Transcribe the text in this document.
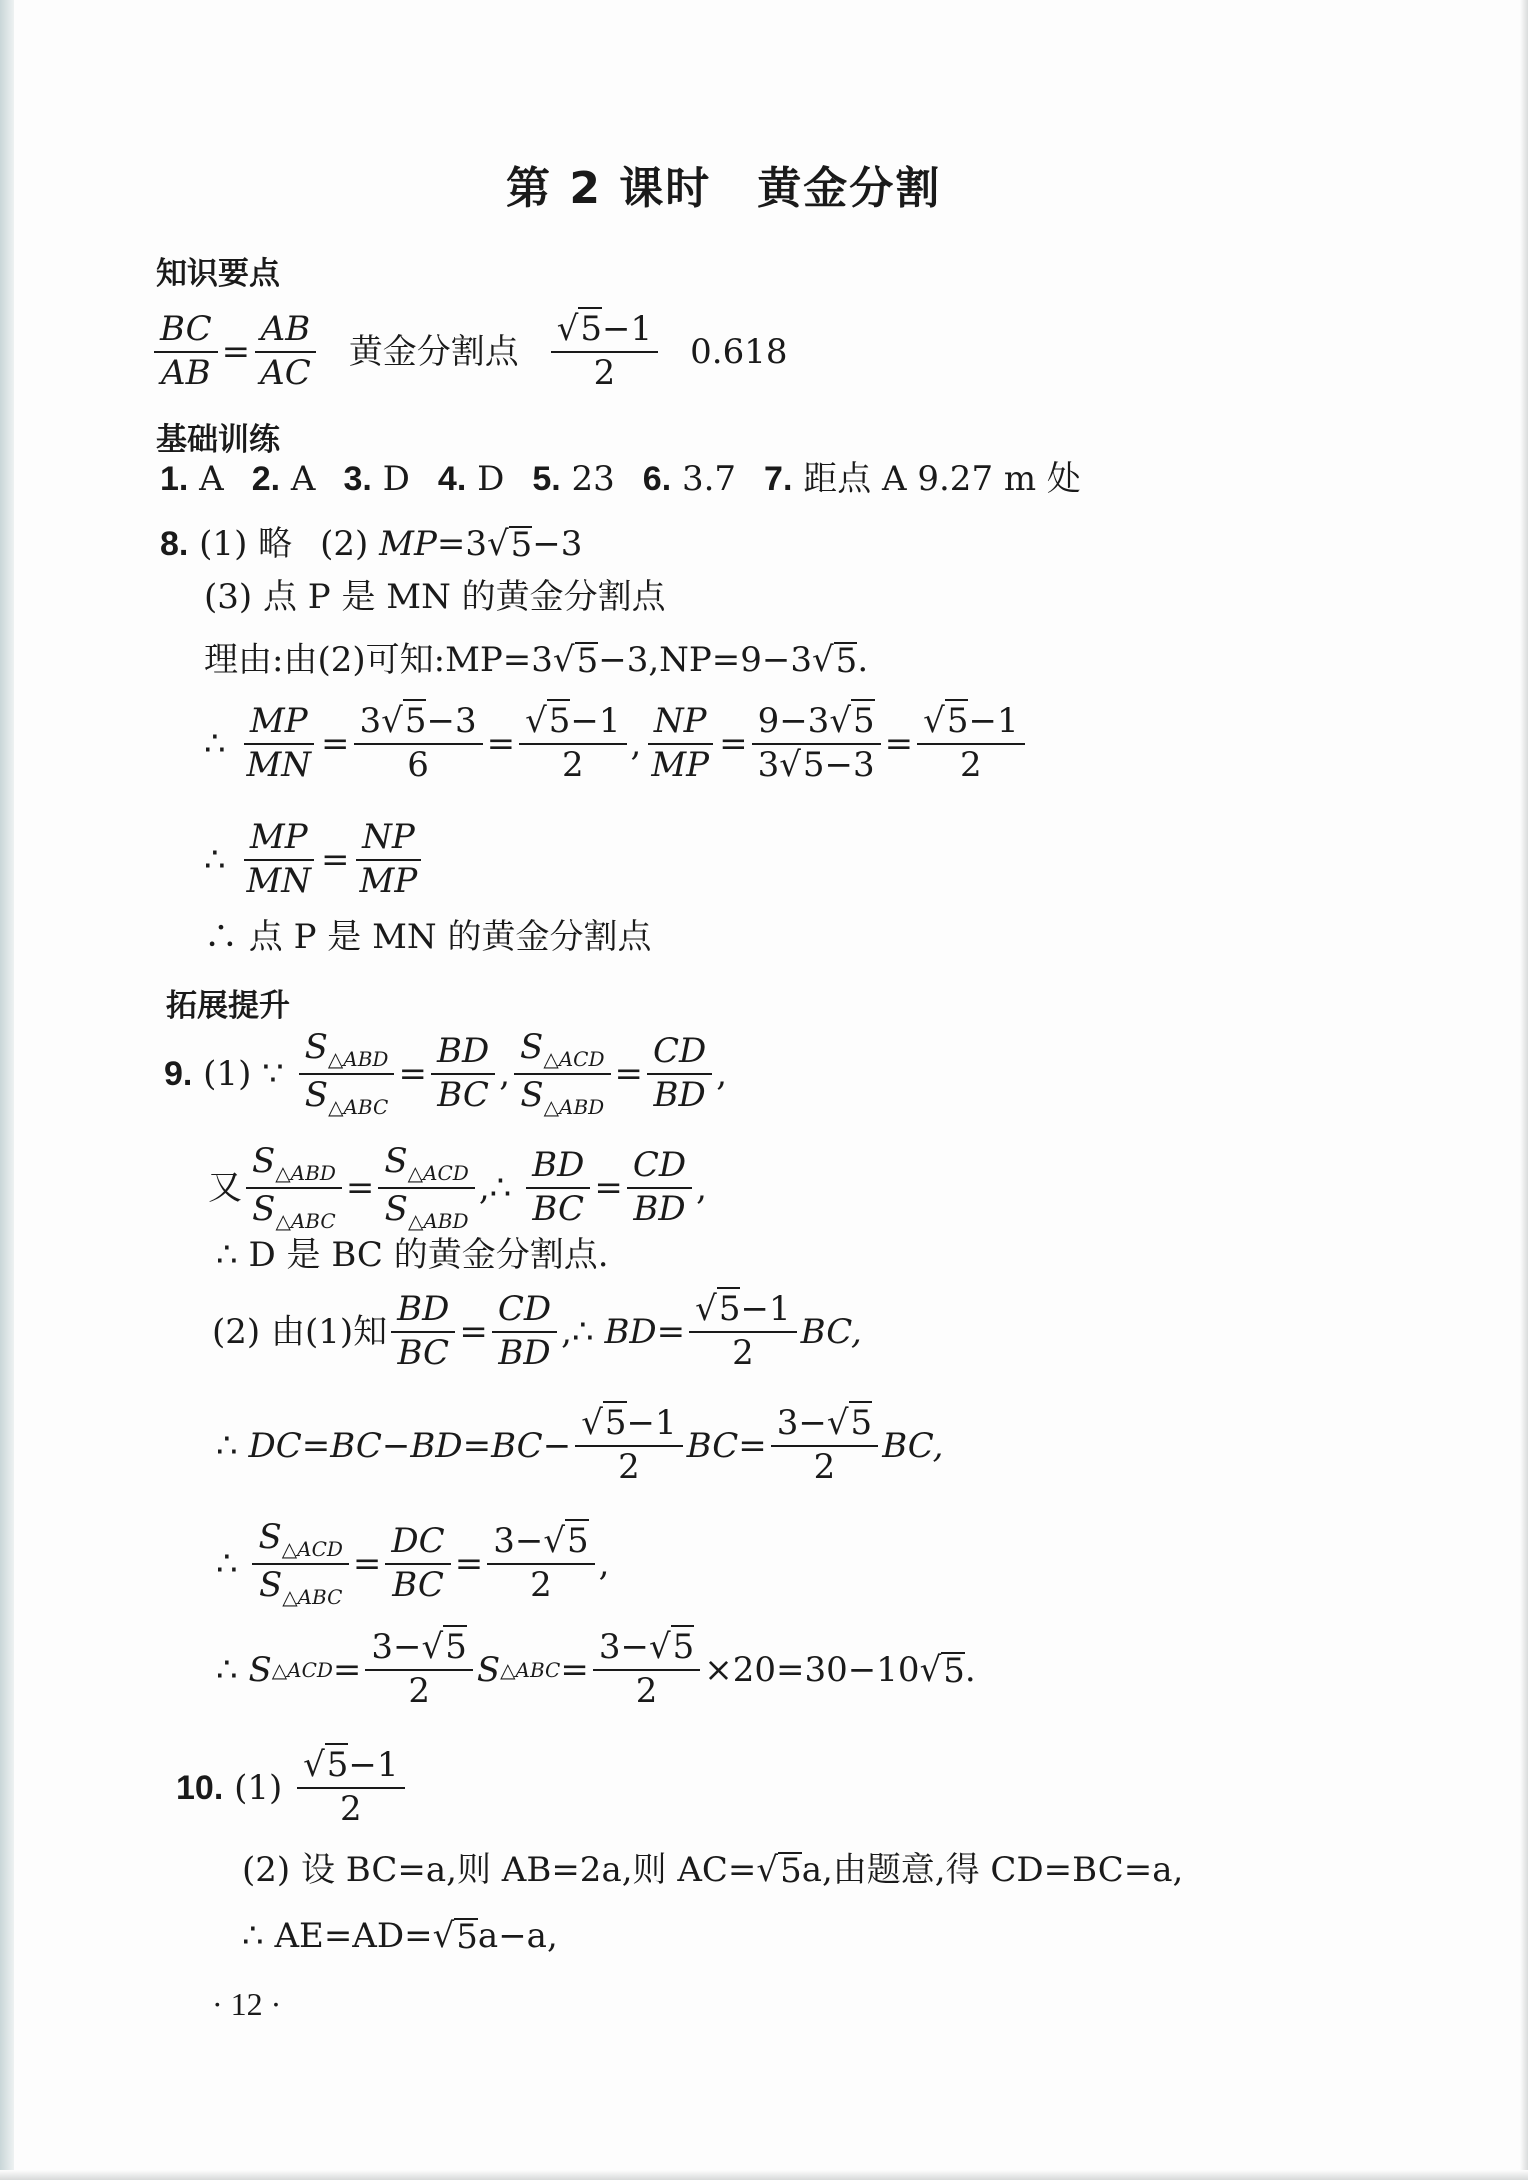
第 2 课时　黄金分割
知识要点
$\frac{BC}{AB} = \frac{AB}{AC}$ 黄金分割点 $\frac{√5-1}{2} 0.618$
基础训练
1.
A 2.
A 3.
D 4.
D 5.
23 6.
3.7 7.
距点 A 9.27 m 处
8.
(1) 略 (2)
MP =3 √ 5 −3
(3) 点 P 是 MN 的黄金分割点
理由:由(2)可知:MP=3 √ 5 −3,NP=9−3 √ 5 .
∴
$\frac{MP}{MN} = \frac{3√5-3}{6} = \frac{√5-1}{2}$ , $\frac{NP}{MP} = \frac{9-3√5}{3√5-3} = \frac{√5-1}{2}$
∴
$\frac{MP}{MN} = \frac{NP}{MP}$
∴ 点 P 是 MN 的黄金分割点
拓展提升
9.
(1)
∵
$\frac{S_{\triangle ABD}}{S_{\triangle ABC}} = \frac{BD}{BC}$ , $\frac{S_{\triangle ACD}}{S_{\triangle ABD}} = \frac{CD}{BD}$ ,
又 $\frac{S_{\triangle ABD}}{S_{\triangle ABC}} = \frac{S_{\triangle ACD}}{S_{\triangle ABD}}$ , ∴
$\frac{BD}{BC} = \frac{CD}{BD}$ ,
∴ D 是 BC 的黄金分割点.
(2) 由(1)知 $\frac{BD}{BC} = \frac{CD}{BD}$ , ∴
$BD= \frac{√5-1}{2}$ BC,
∴
$DC=BC-BD=BC- \frac{√5-1}{2} BC= \frac{3-√5}{2}$ BC,
∴
$\frac{S_{\triangle ACD}}{S_{\triangle ABC}} = \frac{DC}{BC} = \frac{3-√5}{2}$ ,
∴
S △ACD = $\frac{3-√5}{2}$ S △ABC = $\frac{3-√5}{2} \times 20=30-10$ √ 5 .
10.
(1)
$\frac{√5-1}{2}$
(2) 设 BC=a,则 AB=2a,则 AC= √ 5 a,由题意,得 CD=BC=a,
∴ AE=AD= √ 5 a−a,
· 12 ·
